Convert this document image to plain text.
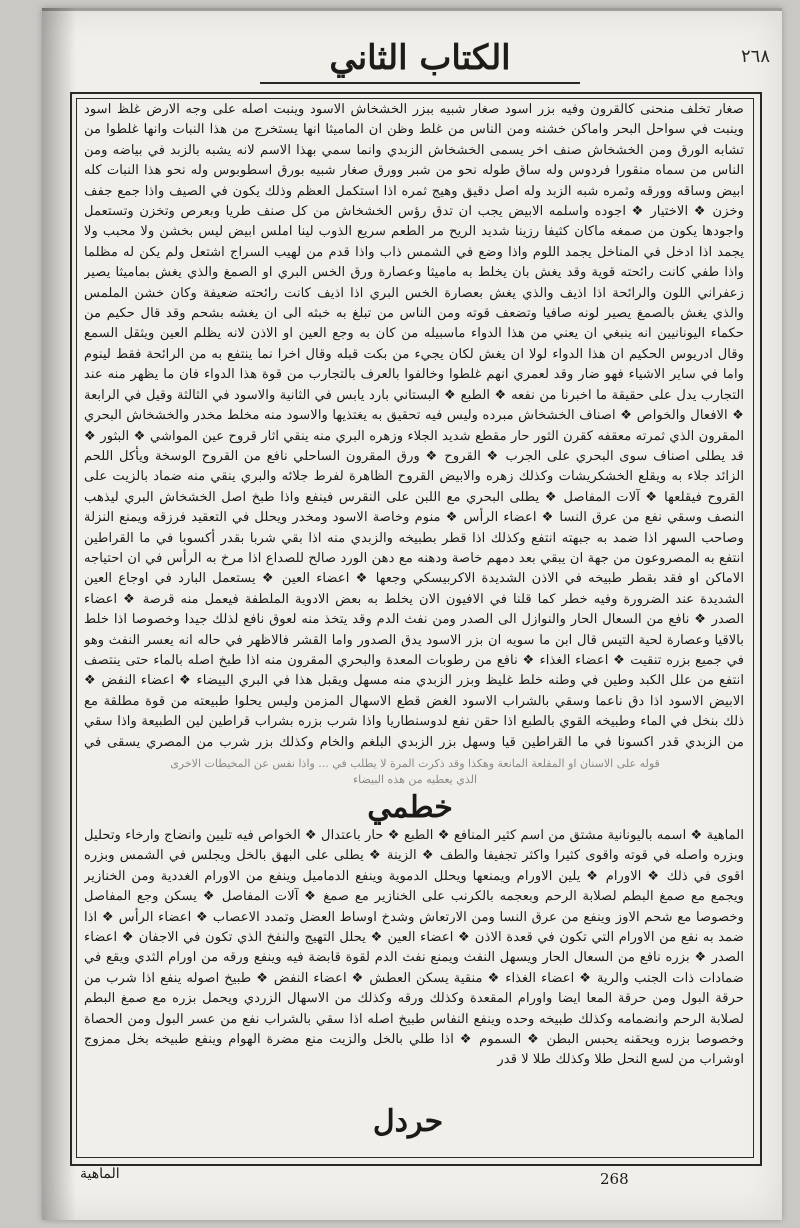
الكتاب الثاني	٢٦٨
صغار تخلف منحنى كالقرون وفيه بزر اسود صغار شبيه ببزر الخشخاش الاسود وينبت اصله على وجه الارض غلظ اسود وينبت في سواحل البحر واماكن خشنه ومن الناس من غلط وظن ان الماميثا انها يستخرج من هذا النبات وانها غلطوا من تشابه الورق ومن الخشخاش صنف اخر يسمى الخشخاش الزبدي وانما سمي بهذا الاسم لانه يشبه بالزبد في بياضه ومن الناس من سماه منقورا فردوس وله ساق طوله نحو من شبر وورق صغار شبيه بورق اسطوبوس وله نحو هذا النبات كله ابيض وساقه وورقه وثمره شبه الزبد وله اصل دقيق وهيج ثمره اذا استكمل العظم وذلك يكون في الصيف واذا جمع جفف وخزن ❖ الاختيار ❖ اجوده واسلمه الابيض يجب ان تدق رؤس الخشخاش من كل صنف طريا وبعرص وتخزن وتستعمل واجودها يكون من صمغه ماكان كثيفا رزينا شديد الريح مر الطعم سريع الذوب لينا املس ابيض ليس بخشن ولا محبب ولا يجمد اذا ادخل في المناخل يجمد اللوم واذا وضع في الشمس ذاب واذا قدم من لهيب السراج اشتعل ولم يكن له مظلما واذا طفي كانت رائحته قوية وقد يغش بان يخلط به ماميثا وعصارة ورق الخس البري او الصمغ والذي يغش بماميثا يصير زعفراني اللون والرائحة اذا اذيف والذي يغش بعصارة الخس البري اذا اذيف كانت رائحته ضعيفة وكان خشن الملمس والذي يغش بالصمغ يصير لونه صافيا وتضعف قوته ومن الناس من تبلغ به خبثه الى ان يغشه بشحم وقد قال حكيم من حكماء اليونانيين انه ينبغي ان يعني من هذا الدواء ماسبيله من كان به وجع العين او الاذن لانه يظلم العين ويثقل السمع وقال ادريوس الحكيم ان هذا الدواء لولا ان يغش لكان يجيء من بكت قبله وقال اخرا نما ينتفع به من الرائحة فقط لينوم واما في ساير الاشياء فهو ضار وقد لعمري انهم غلطوا وخالفوا بالعرف بالتجارب من قوة هذا الدواء فان ما يظهر منه عند التجارب يدل على حقيقة ما اخبرنا من نفعه ❖ الطبع ❖ البستاني بارد يابس في الثانية والاسود في الثالثة وقيل في الرابعة ❖ الافعال والخواص ❖ اصناف الخشخاش مبرده وليس فيه تحقيق به يغتذيها والاسود منه مخلط مخدر والخشخاش البحري المقرون الذي ثمرته معقفه كقرن الثور حار مقطع شديد الجلاء وزهره البري منه ينقي اثار قروح عين المواشي ❖ البثور ❖ قد يطلى اصناف سوى البحري على الجرب ❖ القروح ❖ ورق المقرون الساحلي نافع من القروح الوسخة ويأكل اللحم الزائد جلاء به ويقلع الخشكريشات وكذلك زهره والابيض القروح الظاهرة لفرط جلائه والبري ينقي منه ضماد بالزيت على القروح فيقلعها ❖ آلات المفاصل ❖ يطلى البحري مع اللبن على النقرس فينفع واذا طبخ اصل الخشخاش البري ليذهب النصف وسقي نفع من عرق النسا ❖ اعضاء الرأس ❖ منوم وخاصة الاسود ومخدر ويحلل في التعقيد فرزقه ويمنع النزلة وصاحب السهر اذا ضمد به جبهته انتفع وكذلك اذا قطر بطبيخه والزبدي منه اذا بقي شربا بقدر أكسوبا في ما القراطين انتفع به المصروعون من جهة ان يبقي بعد دمهم خاصة ودهنه مع دهن الورد صالح للصداع اذا مرخ به الرأس في ان احتياجه الاماكن او فقد بقطر طبيخه في الاذن الشديدة الاكربيسكي وجعها ❖ اعضاء العين ❖ يستعمل البارد في اوجاع العين الشديدة عند الضرورة وفيه خطر كما قلنا في الافيون الان يخلط به بعض الادوية الملطفة فيعمل منه قرصة ❖ اعضاء الصدر ❖ نافع من السعال الحار والنوازل الى الصدر ومن نفث الدم وقد يتخذ منه لعوق نافع لذلك جيدا وخصوصا اذا خلط بالاقيا وعصارة لحية التيس قال ابن ما سويه ان بزر الاسود يدق الصدور واما القشر فالاظهر في حاله انه يعسر النفث وهو في جميع بزره تنقيت ❖ اعضاء الغذاء ❖ نافع من رطوبات المعدة والبحري المقرون منه اذا طبخ اصله بالماء حتى ينتصف انتفع من علل الكبد وطين في وطنه خلط غليظ وبزر الزبدي منه مسهل ويقبل هذا في البري البيضاء ❖ اعضاء النفض ❖ الابيض الاسود اذا دق ناعما وسقي بالشراب الاسود الغض قطع الاسهال المزمن وليس يحلوا طبيعته من قوة مطلقة مع ذلك بنخل في الماء وطبيخه القوي بالطبع اذا حقن نفع لدوسنطاريا واذا شرب بزره بشراب قراطين لين الطبيعة واذا سقي من الزبدي قدر اكسونا في ما القراطين قيا وسهل بزر الزبدي البلغم والخام وكذلك بزر شرب من المصري يسقى في
قوله على الاسنان او المقلعة المانعة وهكذا وقد ذكرت المرة لا يطلب في ... واذا نفس عن المخيطات الاخرى
الذي يعطيه من هذه البيضاء
خطمي
الماهية ❖ اسمه باليونانية مشتق من اسم كثير المنافع ❖ الطبع ❖ حار باعتدال ❖ الخواص فيه تليين وانضاج وارخاء وتحليل وبزره واصله في قوته واقوى كثيرا واكثر تجفيفا والطف ❖ الزينة ❖ يطلى على البهق بالخل ويجلس في الشمس وبزره اقوى في ذلك ❖ الاورام ❖ يلين الاورام ويمنعها ويحلل الدموية وينفع الدماميل وينفع من الاورام الغددية ومن الخنازير ويجمع مع صمغ البطم لصلابة الرحم وبعجمه بالكرنب على الخنازير مع صمغ ❖ آلات المفاصل ❖ يسكن وجع المفاصل وخصوصا مع شحم الاوز وينفع من عرق النسا ومن الارتعاش وشدخ اوساط العضل وتمدد الاعصاب ❖ اعضاء الرأس ❖ اذا ضمد به نفع من الاورام التي تكون في قعدة الاذن ❖ اعضاء العين ❖ يحلل التهيج والنفخ الذي تكون في الاجفان ❖ اعضاء الصدر ❖ بزره نافع من السعال الحار ويسهل النفث ويمنع نفث الدم لقوة قابضة فيه وينفع ورقه من اورام الثدي ويقع في ضمادات ذات الجنب والرية ❖ اعضاء الغذاء ❖ منقية يسكن العطش ❖ اعضاء النفض ❖ طبيخ اصوله ينفع اذا شرب من حرقة البول ومن حرقة المعا ايضا واورام المقعدة وكذلك ورقه وكذلك من الاسهال الزردي ويحمل بزره مع صمغ البطم لصلابة الرحم وانضمامه وكذلك طبيخه وحده وينفع النفاس طبيخ اصله اذا سقي بالشراب نفع من عسر البول ومن الحصاة وخصوصا بزره ويحقنه يحبس البطن ❖ السموم ❖ اذا طلي بالخل والزيت منع مضرة الهوام وينفع طبيخه بخل ممزوج اوشراب من لسع النحل طلا وكذلك طلا لا قدر
حردل
الماهية	268
